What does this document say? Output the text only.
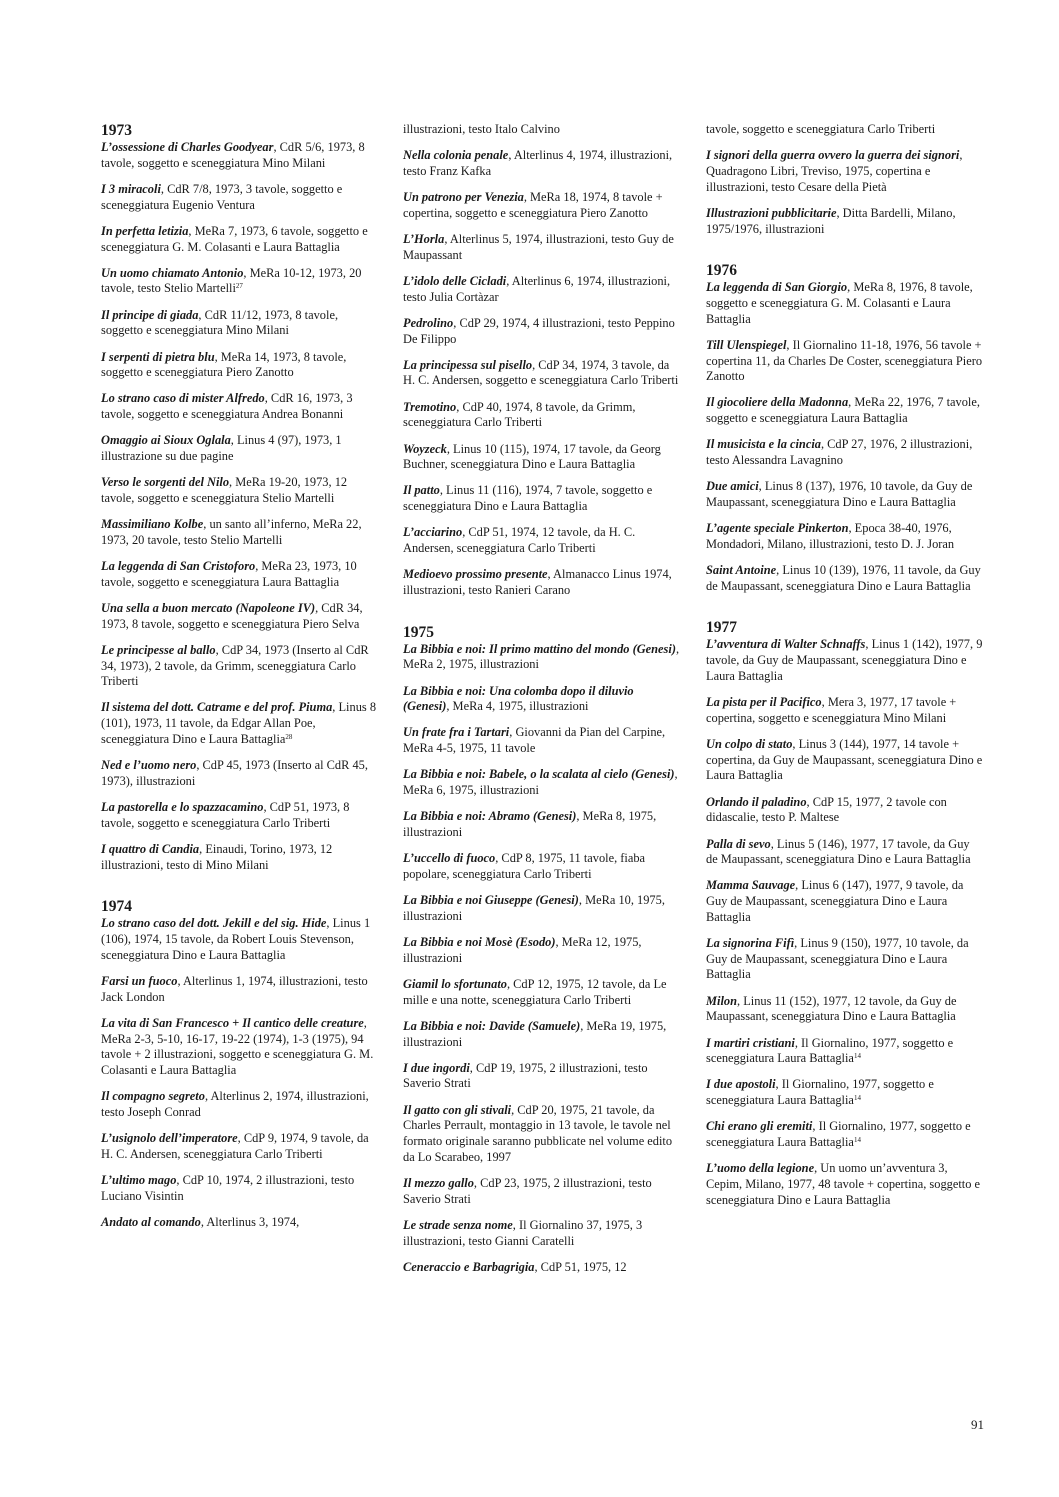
1973
L’ossessione di Charles Goodyear, CdR 5/6, 1973, 8 tavole, soggetto e sceneggiatura Mino Milani
I 3 miracoli, CdR 7/8, 1973, 3 tavole, soggetto e sceneggiatura Eugenio Ventura
In perfetta letizia, MeRa 7, 1973, 6 tavole, soggetto e sceneggiatura G. M. Colasanti e Laura Battaglia
Un uomo chiamato Antonio, MeRa 10-12, 1973, 20 tavole, testo Stelio Martelli$^{27}$
Il principe di giada, CdR 11/12, 1973, 8 tavole, soggetto e sceneggiatura Mino Milani
I serpenti di pietra blu, MeRa 14, 1973, 8 tavole, soggetto e sceneggiatura Piero Zanotto
Lo strano caso di mister Alfredo, CdR 16, 1973, 3 tavole, soggetto e sceneggiatura Andrea Bonanni
Omaggio ai Sioux Oglala, Linus 4 (97), 1973, 1 illustrazione su due pagine
Verso le sorgenti del Nilo, MeRa 19-20, 1973, 12 tavole, soggetto e sceneggiatura Stelio Martelli
Massimiliano Kolbe, un santo all’inferno, MeRa 22, 1973, 20 tavole, testo Stelio Martelli
La leggenda di San Cristoforo, MeRa 23, 1973, 10 tavole, soggetto e sceneggiatura Laura Battaglia
Una sella a buon mercato (Napoleone IV), CdR 34, 1973, 8 tavole, soggetto e sceneggiatura Piero Selva
Le principesse al ballo, CdP 34, 1973 (Inserto al CdR 34, 1973), 2 tavole, da Grimm, sceneggiatura Carlo Triberti
Il sistema del dott. Catrame e del prof. Piuma, Linus 8 (101), 1973, 11 tavole, da Edgar Allan Poe, sceneggiatura Dino e Laura Battaglia$^{28}$
Ned e l’uomo nero, CdP 45, 1973 (Inserto al CdR 45, 1973), illustrazioni
La pastorella e lo spazzacamino, CdP 51, 1973, 8 tavole, soggetto e sceneggiatura Carlo Triberti
I quattro di Candia, Einaudi, Torino, 1973, 12 illustrazioni, testo di Mino Milani
1974
Lo strano caso del dott. Jekill e del sig. Hide, Linus 1 (106), 1974, 15 tavole, da Robert Louis Stevenson, sceneggiatura Dino e Laura Battaglia
Farsi un fuoco, Alterlinus 1, 1974, illustrazioni, testo Jack London
La vita di San Francesco + Il cantico delle creature, MeRa 2-3, 5-10, 16-17, 19-22 (1974), 1-3 (1975), 94 tavole + 2 illustrazioni, soggetto e sceneggiatura G. M. Colasanti e Laura Battaglia
Il compagno segreto, Alterlinus 2, 1974, illustrazioni, testo Joseph Conrad
L’usignolo dell’imperatore, CdP 9, 1974, 9 tavole, da H. C. Andersen, sceneggiatura Carlo Triberti
L’ultimo mago, CdP 10, 1974, 2 illustrazioni, testo Luciano Visintin
Andato al comando, Alterlinus 3, 1974,
illustrazioni, testo Italo Calvino
Nella colonia penale, Alterlinus 4, 1974, illustrazioni, testo Franz Kafka
Un patrono per Venezia, MeRa 18, 1974, 8 tavole + copertina, soggetto e sceneggiatura Piero Zanotto
L’Horla, Alterlinus 5, 1974, illustrazioni, testo Guy de Maupassant
L’idolo delle Cicladi, Alterlinus 6, 1974, illustrazioni, testo Julia Cortàzar
Pedrolino, CdP 29, 1974, 4 illustrazioni, testo Peppino De Filippo
La principessa sul pisello, CdP 34, 1974, 3 tavole, da H. C. Andersen, soggetto e sceneggiatura Carlo Triberti
Tremotino, CdP 40, 1974, 8 tavole, da Grimm, sceneggiatura Carlo Triberti
Woyzeck, Linus 10 (115), 1974, 17 tavole, da Georg Buchner, sceneggiatura Dino e Laura Battaglia
Il patto, Linus 11 (116), 1974, 7 tavole, soggetto e sceneggiatura Dino e Laura Battaglia
L’acciarino, CdP 51, 1974, 12 tavole, da H. C. Andersen, sceneggiatura Carlo Triberti
Medioevo prossimo presente, Almanacco Linus 1974, illustrazioni, testo Ranieri Carano
1975
La Bibbia e noi: Il primo mattino del mondo (Genesi), MeRa 2, 1975, illustrazioni
La Bibbia e noi: Una colomba dopo il diluvio (Genesi), MeRa 4, 1975, illustrazioni
Un frate fra i Tartari, Giovanni da Pian del Carpine, MeRa 4-5, 1975, 11 tavole
La Bibbia e noi: Babele, o la scalata al cielo (Genesi), MeRa 6, 1975, illustrazioni
La Bibbia e noi: Abramo (Genesi), MeRa 8, 1975, illustrazioni
L’uccello di fuoco, CdP 8, 1975, 11 tavole, fiaba popolare, sceneggiatura Carlo Triberti
La Bibbia e noi Giuseppe (Genesi), MeRa 10, 1975, illustrazioni
La Bibbia e noi Mosè (Esodo), MeRa 12, 1975, illustrazioni
Giamil lo sfortunato, CdP 12, 1975, 12 tavole, da Le mille e una notte, sceneggiatura Carlo Triberti
La Bibbia e noi: Davide (Samuele), MeRa 19, 1975, illustrazioni
I due ingordi, CdP 19, 1975, 2 illustrazioni, testo Saverio Strati
Il gatto con gli stivali, CdP 20, 1975, 21 tavole, da Charles Perrault, montaggio in 13 tavole, le tavole nel formato originale saranno pubblicate nel volume edito da Lo Scarabeo, 1997
Il mezzo gallo, CdP 23, 1975, 2 illustrazioni, testo Saverio Strati
Le strade senza nome, Il Giornalino 37, 1975, 3 illustrazioni, testo Gianni Caratelli
Ceneraccio e Barbagrigia, CdP 51, 1975, 12
tavole, soggetto e sceneggiatura Carlo Triberti
I signori della guerra ovvero la guerra dei signori, Quadragono Libri, Treviso, 1975, copertina e illustrazioni, testo Cesare della Pietà
Illustrazioni pubblicitarie, Ditta Bardelli, Milano, 1975/1976, illustrazioni
1976
La leggenda di San Giorgio, MeRa 8, 1976, 8 tavole, soggetto e sceneggiatura G. M. Colasanti e Laura Battaglia
Till Ulenspiegel, Il Giornalino 11-18, 1976, 56 tavole + copertina 11, da Charles De Coster, sceneggiatura Piero Zanotto
Il giocoliere della Madonna, MeRa 22, 1976, 7 tavole, soggetto e sceneggiatura Laura Battaglia
Il musicista e la cincia, CdP 27, 1976, 2 illustrazioni, testo Alessandra Lavagnino
Due amici, Linus 8 (137), 1976, 10 tavole, da Guy de Maupassant, sceneggiatura Dino e Laura Battaglia
L’agente speciale Pinkerton, Epoca 38-40, 1976, Mondadori, Milano, illustrazioni, testo D. J. Joran
Saint Antoine, Linus 10 (139), 1976, 11 tavole, da Guy de Maupassant, sceneggiatura Dino e Laura Battaglia
1977
L’avventura di Walter Schnaffs, Linus 1 (142), 1977, 9 tavole, da Guy de Maupassant, sceneggiatura Dino e Laura Battaglia
La pista per il Pacifico, Mera 3, 1977, 17 tavole + copertina, soggetto e sceneggiatura Mino Milani
Un colpo di stato, Linus 3 (144), 1977, 14 tavole + copertina, da Guy de Maupassant, sceneggiatura Dino e Laura Battaglia
Orlando il paladino, CdP 15, 1977, 2 tavole con didascalie, testo P. Maltese
Palla di sevo, Linus 5 (146), 1977, 17 tavole, da Guy de Maupassant, sceneggiatura Dino e Laura Battaglia
Mamma Sauvage, Linus 6 (147), 1977, 9 tavole, da Guy de Maupassant, sceneggiatura Dino e Laura Battaglia
La signorina Fifì, Linus 9 (150), 1977, 10 tavole, da Guy de Maupassant, sceneggiatura Dino e Laura Battaglia
Milon, Linus 11 (152), 1977, 12 tavole, da Guy de Maupassant, sceneggiatura Dino e Laura Battaglia
I martiri cristiani, Il Giornalino, 1977, soggetto e sceneggiatura Laura Battaglia$^{14}$
I due apostoli, Il Giornalino, 1977, soggetto e sceneggiatura Laura Battaglia$^{14}$
Chi erano gli eremiti, Il Giornalino, 1977, soggetto e sceneggiatura Laura Battaglia$^{14}$
L’uomo della legione, Un uomo un’avventura 3, Cepim, Milano, 1977, 48 tavole + copertina, soggetto e sceneggiatura Dino e Laura Battaglia
91
